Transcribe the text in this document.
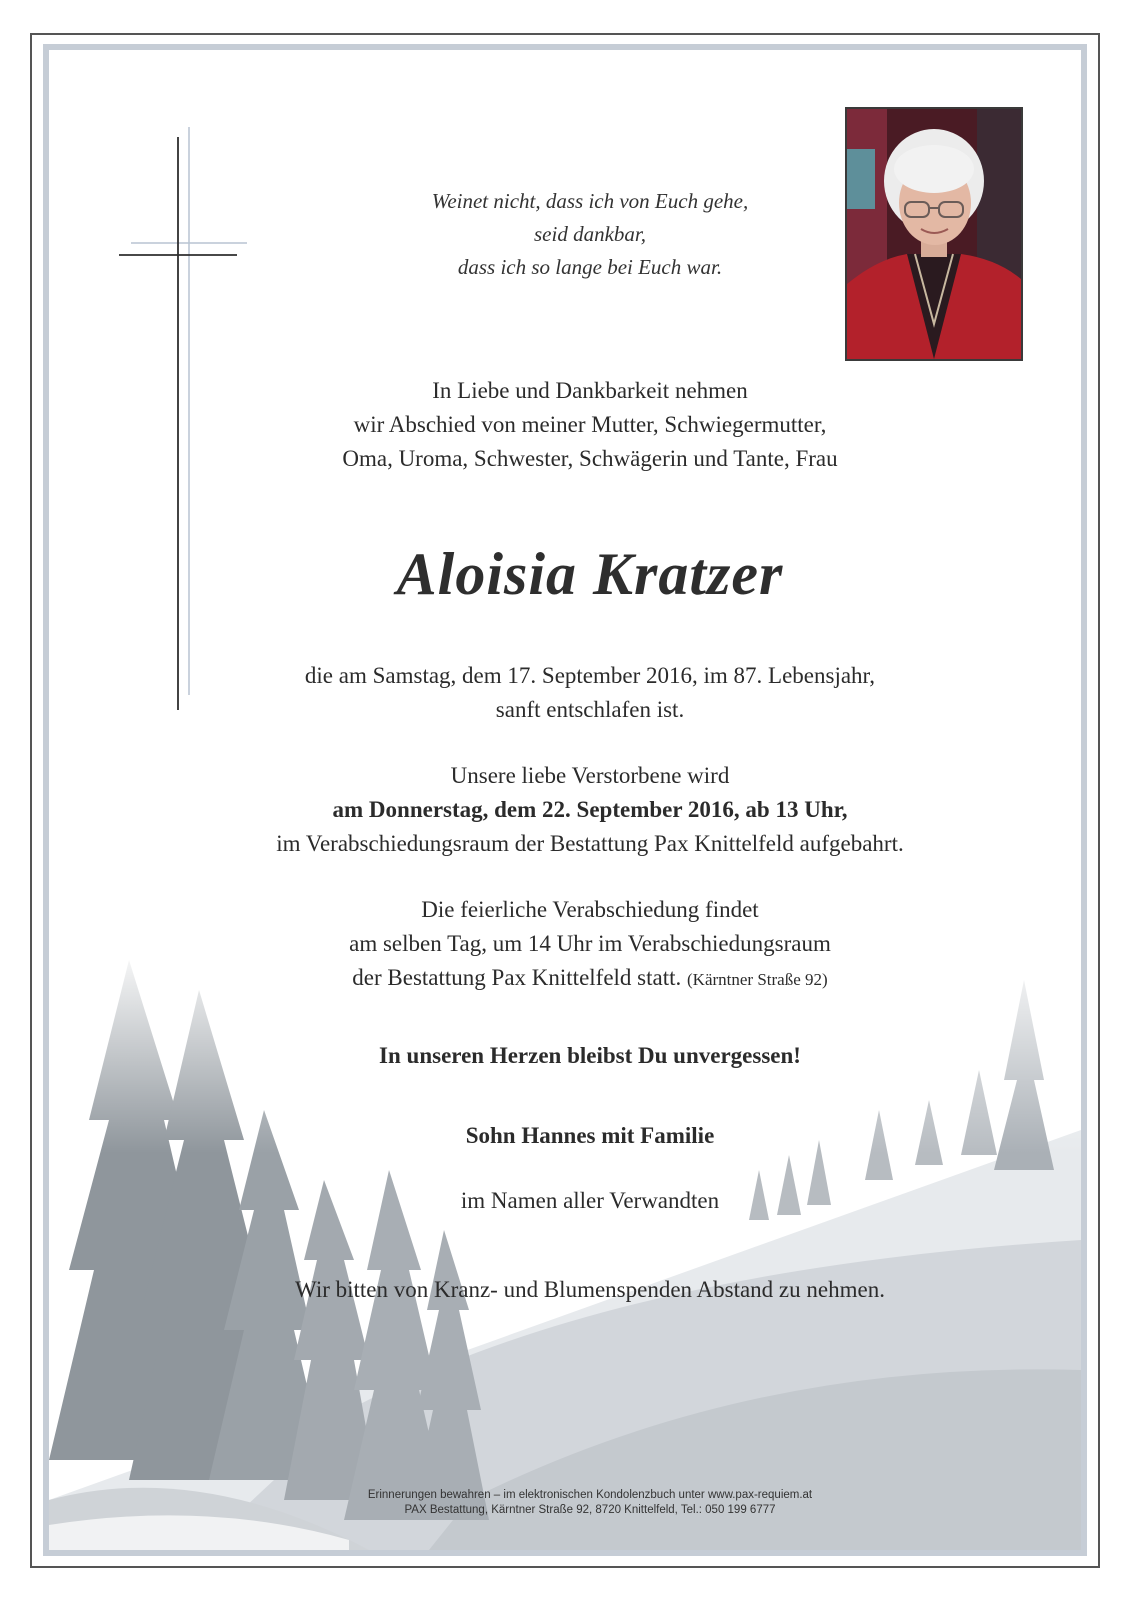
Weinet nicht, dass ich von Euch gehe,
seid dankbar,
dass ich so lange bei Euch war.
In Liebe und Dankbarkeit nehmen
wir Abschied von meiner Mutter, Schwiegermutter,
Oma, Uroma, Schwester, Schwägerin und Tante, Frau
Aloisia Kratzer
die am Samstag, dem 17. September 2016, im 87. Lebensjahr,
sanft entschlafen ist.
Unsere liebe Verstorbene wird
am Donnerstag, dem 22. September 2016, ab 13 Uhr,
im Verabschiedungsraum der Bestattung Pax Knittelfeld aufgebahrt.
Die feierliche Verabschiedung findet
am selben Tag, um 14 Uhr im Verabschiedungsraum
der Bestattung Pax Knittelfeld statt. (Kärntner Straße 92)
In unseren Herzen bleibst Du unvergessen!
Sohn Hannes mit Familie
im Namen aller Verwandten
Wir bitten von Kranz- und Blumenspenden Abstand zu nehmen.
Erinnerungen bewahren – im elektronischen Kondolenzbuch unter www.pax-requiem.at
PAX Bestattung, Kärntner Straße 92, 8720 Knittelfeld, Tel.: 050 199 6777
